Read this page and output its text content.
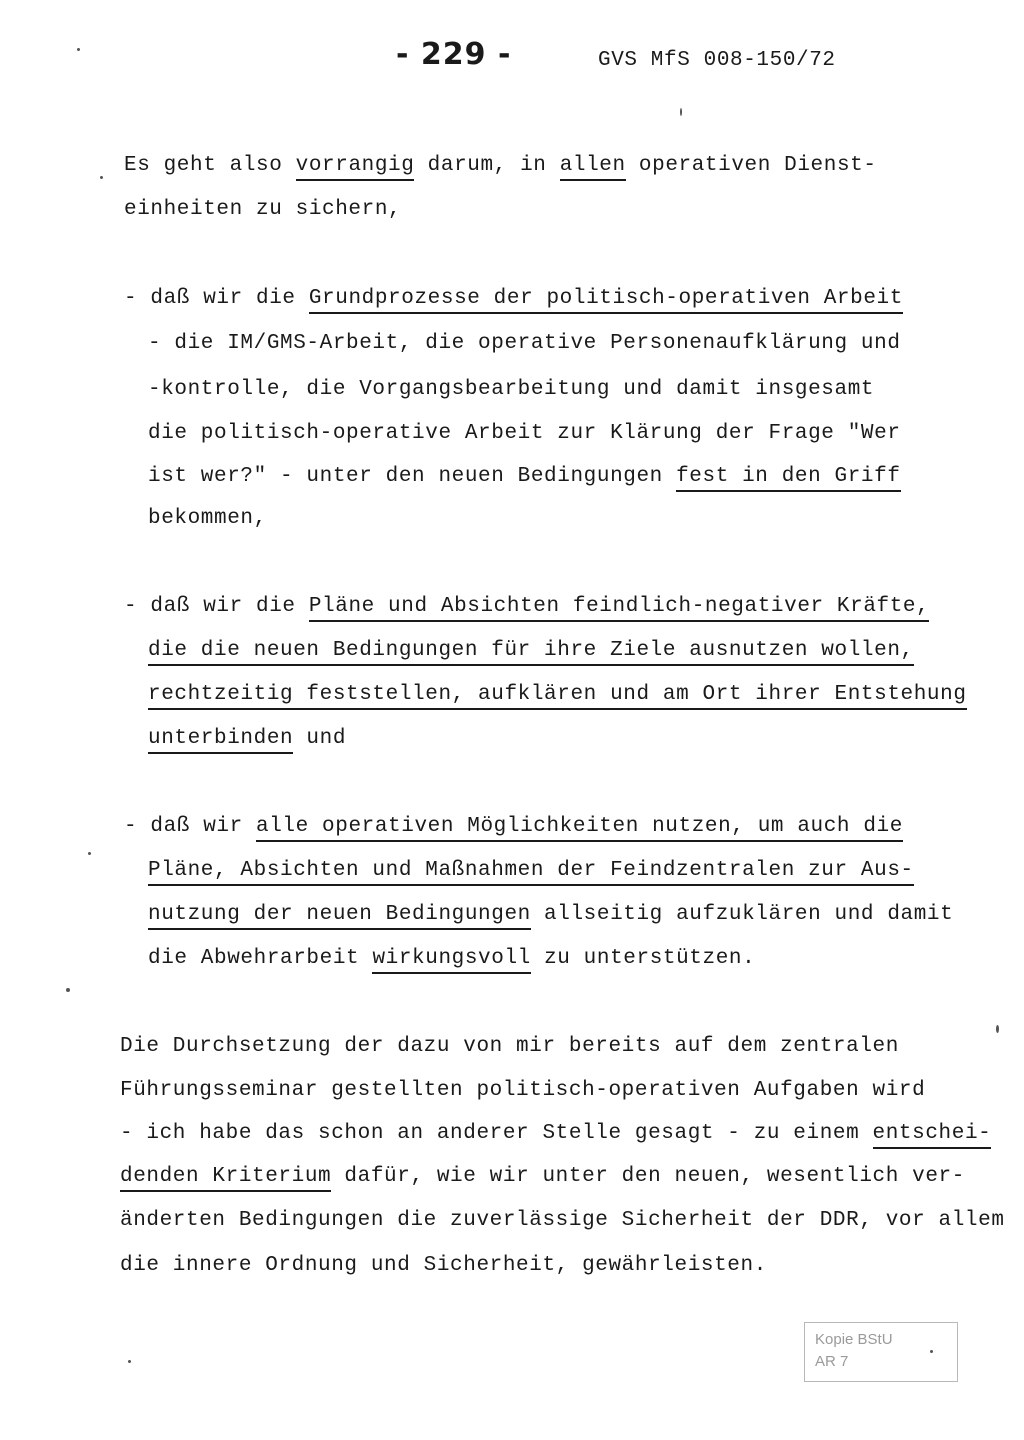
- 229 -	GVS MfS 008-150/72
Es geht also vorrangig darum, in allen operativen Dienst-
einheiten zu sichern,
- daß wir die Grundprozesse der politisch-operativen Arbeit
- die IM/GMS-Arbeit, die operative Personenaufklärung und
-kontrolle, die Vorgangsbearbeitung und damit insgesamt
die politisch-operative Arbeit zur Klärung der Frage "Wer
ist wer?" - unter den neuen Bedingungen fest in den Griff
bekommen,
- daß wir die Pläne und Absichten feindlich-negativer Kräfte,
die die neuen Bedingungen für ihre Ziele ausnutzen wollen,
rechtzeitig feststellen, aufklären und am Ort ihrer Entstehung
unterbinden und
- daß wir alle operativen Möglichkeiten nutzen, um auch die
Pläne, Absichten und Maßnahmen der Feindzentralen zur Aus-
nutzung der neuen Bedingungen allseitig aufzuklären und damit
die Abwehrarbeit wirkungsvoll zu unterstützen.
Die Durchsetzung der dazu von mir bereits auf dem zentralen
Führungsseminar gestellten politisch-operativen Aufgaben wird
- ich habe das schon an anderer Stelle gesagt - zu einem entschei-
denden Kriterium dafür, wie wir unter den neuen, wesentlich ver-
änderten Bedingungen die zuverlässige Sicherheit der DDR, vor allem
die innere Ordnung und Sicherheit, gewährleisten.
Kopie BStU
AR 7
